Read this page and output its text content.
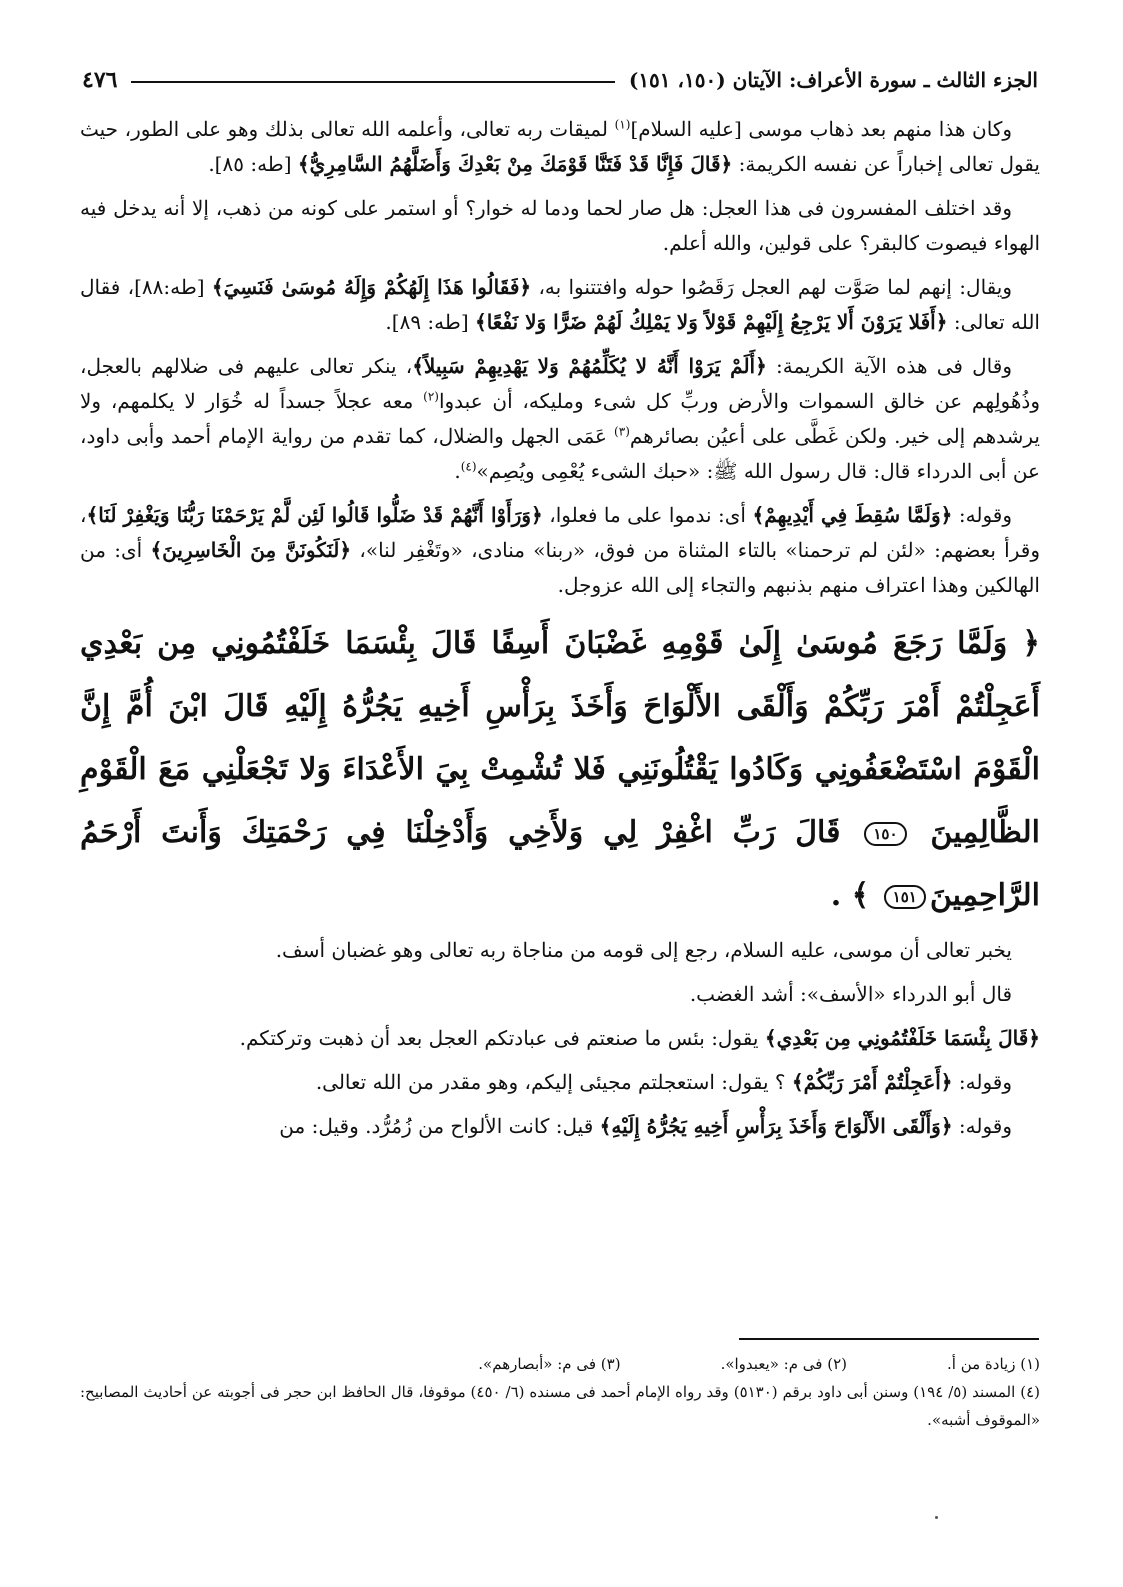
٤٧٦	الجزء الثالث ـ سورة الأعراف: الآيتان (١٥٠، ١٥١)

وكان هذا منهم بعد ذهاب موسى [عليه السلام]$^{(١)}$ لميقات ربه تعالى، وأعلمه الله تعالى بذلك وهو على الطور، حيث يقول تعالى إخباراً عن نفسه الكريمة: ﴿قَالَ فَإِنَّا قَدْ فَتَنَّا قَوْمَكَ مِنْ بَعْدِكَ وَأَضَلَّهُمُ السَّامِرِيُّ﴾ [طه: ٨٥].

وقد اختلف المفسرون فى هذا العجل: هل صار لحما ودما له خوار؟ أو استمر على كونه من ذهب، إلا أنه يدخل فيه الهواء فيصوت كالبقر؟ على قولين، والله أعلم.

ويقال: إنهم لما صَوَّت لهم العجل رَقَصُوا حوله وافتتنوا به، ﴿فَقَالُوا هَذَا إِلَهُكُمْ وَإِلَهُ مُوسَىٰ فَنَسِيَ﴾ [طه:٨٨]، فقال الله تعالى: ﴿أَفَلا يَرَوْنَ أَلا يَرْجِعُ إِلَيْهِمْ قَوْلاً وَلا يَمْلِكُ لَهُمْ ضَرًّا وَلا نَفْعًا﴾ [طه: ٨٩].

وقال فى هذه الآية الكريمة: ﴿أَلَمْ يَرَوْا أَنَّهُ لا يُكَلِّمُهُمْ وَلا يَهْدِيهِمْ سَبِيلاً﴾، ينكر تعالى عليهم فى ضلالهم بالعجل، وذُهُولِهم عن خالق السموات والأرض وربِّ كل شىء ومليكه، أن عبدوا$^{(٢)}$ معه عجلاً جسداً له خُوَار لا يكلمهم، ولا يرشدهم إلى خير. ولكن غَطَّى على أعيُن بصائرهم$^{(٣)}$ عَمَى الجهل والضلال، كما تقدم من رواية الإمام أحمد وأبى داود، عن أبى الدرداء قال: قال رسول الله ﷺ: «حبك الشىء يُعْمِى ويُصِم»$^{(٤)}$.

وقوله: ﴿وَلَمَّا سُقِطَ فِي أَيْدِيهِمْ﴾ أى: ندموا على ما فعلوا، ﴿وَرَأَوْا أَنَّهُمْ قَدْ ضَلُّوا قَالُوا لَئِن لَّمْ يَرْحَمْنَا رَبُّنَا وَيَغْفِرْ لَنَا﴾، وقرأ بعضهم: «لئن لم ترحمنا» بالتاء المثناة من فوق، «ربنا» منادى، «وتَغْفِر لنا»، ﴿لَنَكُونَنَّ مِنَ الْخَاسِرِينَ﴾ أى: من الهالكين وهذا اعتراف منهم بذنبهم والتجاء إلى الله عزوجل.

﴿ وَلَمَّا رَجَعَ مُوسَىٰ إِلَىٰ قَوْمِهِ غَضْبَانَ أَسِفًا قَالَ بِئْسَمَا خَلَفْتُمُونِي مِن بَعْدِي أَعَجِلْتُمْ أَمْرَ رَبِّكُمْ وَأَلْقَى الأَلْوَاحَ وَأَخَذَ بِرَأْسِ أَخِيهِ يَجُرُّهُ إِلَيْهِ قَالَ ابْنَ أُمَّ إِنَّ الْقَوْمَ اسْتَضْعَفُونِي وَكَادُوا يَقْتُلُونَنِي فَلا تُشْمِتْ بِيَ الأَعْدَاءَ وَلا تَجْعَلْنِي مَعَ الْقَوْمِ الظَّالِمِينَ ١٥٠ قَالَ رَبِّ اغْفِرْ لِي وَلأَخِي وَأَدْخِلْنَا فِي رَحْمَتِكَ وَأَنتَ أَرْحَمُ الرَّاحِمِينَ١٥١ ﴾ .

يخبر تعالى أن موسى، عليه السلام، رجع إلى قومه من مناجاة ربه تعالى وهو غضبان أسف.

قال أبو الدرداء «الأسف»: أشد الغضب.

﴿قَالَ بِئْسَمَا خَلَفْتُمُونِي مِن بَعْدِي﴾ يقول: بئس ما صنعتم فى عبادتكم العجل بعد أن ذهبت وتركتكم.

وقوله: ﴿أَعَجِلْتُمْ أَمْرَ رَبِّكُمْ﴾ ؟ يقول: استعجلتم مجيئى إليكم، وهو مقدر من الله تعالى.

وقوله: ﴿وَأَلْقَى الأَلْوَاحَ وَأَخَذَ بِرَأْسِ أَخِيهِ يَجُرُّهُ إِلَيْهِ﴾ قيل: كانت الألواح من زُمُرُّد. وقيل: من

(١) زيادة من أ.
(٢) فى م: «يعبدوا».
(٣) فى م: «أبصارهم».
(٤) المسند (٥/ ١٩٤) وسنن أبى داود برقم (٥١٣٠) وقد رواه الإمام أحمد فى مسنده (٦/ ٤٥٠) موقوفا، قال الحافظ ابن حجر فى أجوبته عن أحاديث المصابيح: «الموقوف أشبه».
